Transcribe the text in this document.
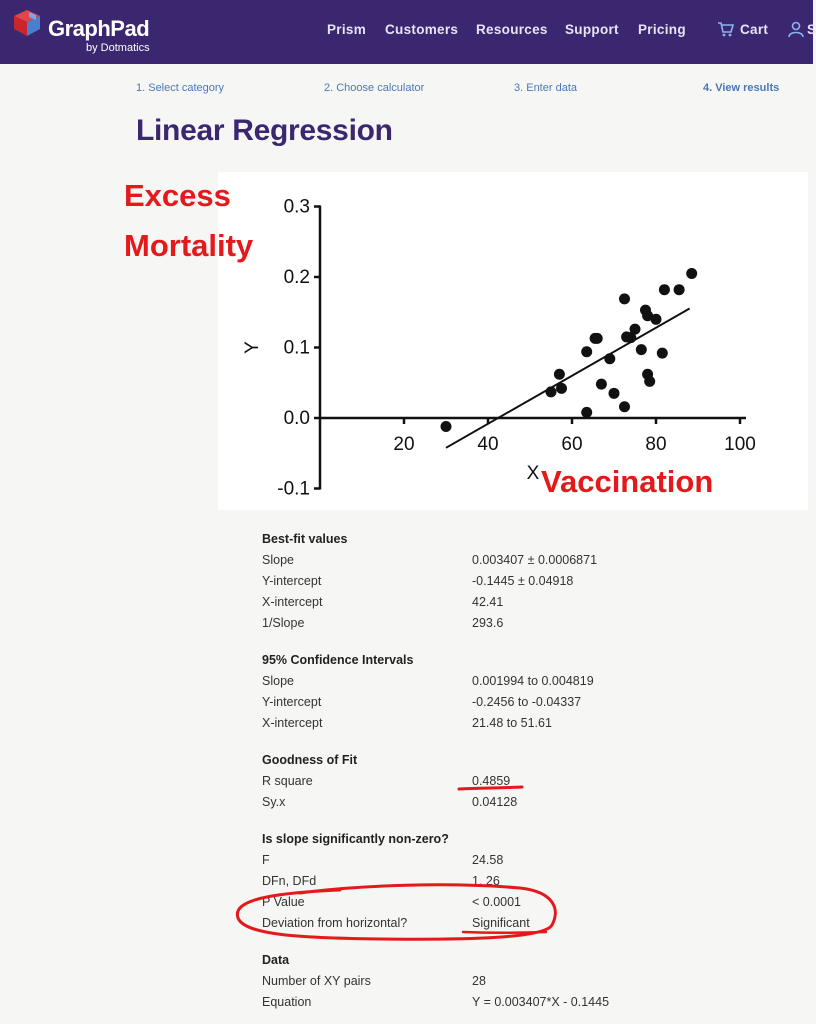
GraphPad
by Dotmatics
Prism Customers Resources Support Pricing	Cart	S
1. Select category	2. Choose calculator	3. Enter data	4. View results
Linear Regression
0.3
0.2
0.1
0.0
-0.1
20	40	60	80	100
Y
X
Excess
Mortality
Vaccination
Best-fit values
Slope	0.003407 ± 0.0006871
Y-intercept	-0.1445 ± 0.04918
X-intercept	42.41
1/Slope	293.6
95% Confidence Intervals
Slope	0.001994 to 0.004819
Y-intercept	-0.2456 to -0.04337
X-intercept	21.48 to 51.61
Goodness of Fit
R square	0.4859
Sy.x	0.04128
Is slope significantly non-zero?
F	24.58
DFn, DFd	1, 26
P Value	< 0.0001
Deviation from horizontal?	Significant
Data
Number of XY pairs	28
Equation	Y = 0.003407*X - 0.1445
